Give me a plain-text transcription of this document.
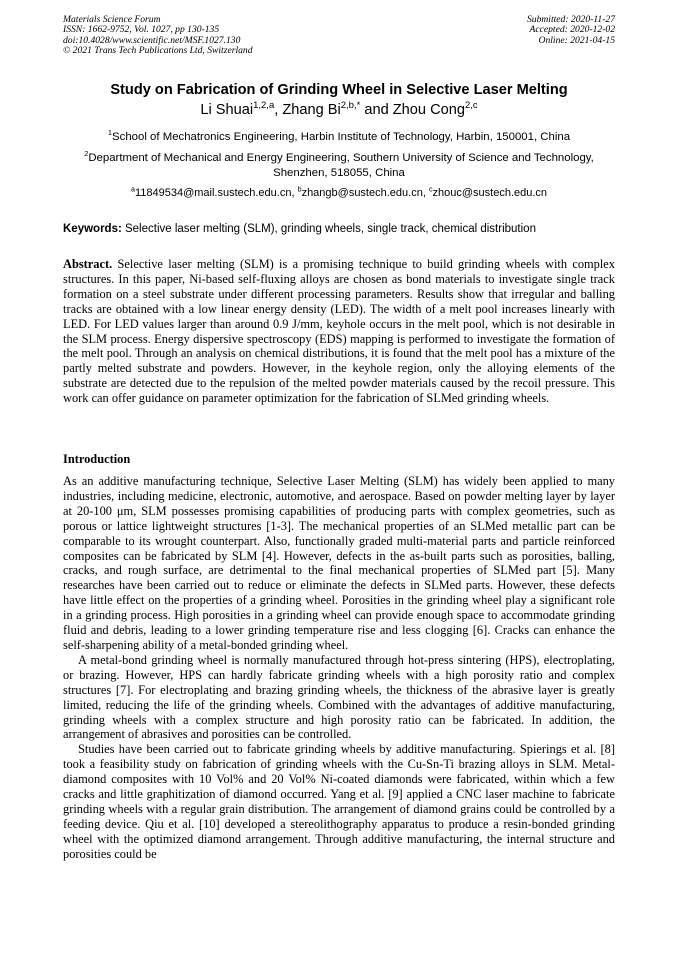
Materials Science Forum
ISSN: 1662-9752, Vol. 1027, pp 130-135
doi:10.4028/www.scientific.net/MSF.1027.130
© 2021 Trans Tech Publications Ltd, Switzerland
Submitted: 2020-11-27
Accepted: 2020-12-02
Online: 2021-04-15
Study on Fabrication of Grinding Wheel in Selective Laser Melting
Li Shuai$^{1,2,a}$, Zhang $Bi^{2,b,*}$ and Zhou Cong$^{2,c}$
$^1$School of Mechatronics Engineering, Harbin Institute of Technology, Harbin, 150001, China
$^2$Department of Mechanical and Energy Engineering, Southern University of Science and Technology, Shenzhen, 518055, China
$^a$11849534@mail.sustech.edu.cn, $^b$zhangb@sustech.edu.cn, $^c$zhouc@sustech.edu.cn
Keywords: Selective laser melting (SLM), grinding wheels, single track, chemical distribution

Abstract. Selective laser melting (SLM) is a promising technique to build grinding wheels with complex structures. In this paper, Ni-based self-fluxing alloys are chosen as bond materials to investigate single track formation on a steel substrate under different processing parameters. Results show that irregular and balling tracks are obtained with a low linear energy density (LED). The width of a melt pool increases linearly with LED. For LED values larger than around 0.9 J/mm, keyhole occurs in the melt pool, which is not desirable in the SLM process. Energy dispersive spectroscopy (EDS) mapping is performed to investigate the formation of the melt pool. Through an analysis on chemical distributions, it is found that the melt pool has a mixture of the partly melted substrate and powders. However, in the keyhole region, only the alloying elements of the substrate are detected due to the repulsion of the melted powder materials caused by the recoil pressure. This work can offer guidance on parameter optimization for the fabrication of SLMed grinding wheels.

Introduction

As an additive manufacturing technique, Selective Laser Melting (SLM) has widely been applied to many industries, including medicine, electronic, automotive, and aerospace. Based on powder melting layer by layer at 20-100 μm, SLM possesses promising capabilities of producing parts with complex geometries, such as porous or lattice lightweight structures [1-3]. The mechanical properties of an SLMed metallic part can be comparable to its wrought counterpart. Also, functionally graded multi-material parts and particle reinforced composites can be fabricated by SLM [4]. However, defects in the as-built parts such as porosities, balling, cracks, and rough surface, are detrimental to the final mechanical properties of SLMed part [5]. Many researches have been carried out to reduce or eliminate the defects in SLMed parts. However, these defects have little effect on the properties of a grinding wheel. Porosities in the grinding wheel play a significant role in a grinding process. High porosities in a grinding wheel can provide enough space to accommodate grinding fluid and debris, leading to a lower grinding temperature rise and less clogging [6]. Cracks can enhance the self-sharpening ability of a metal-bonded grinding wheel.

A metal-bond grinding wheel is normally manufactured through hot-press sintering (HPS), electroplating, or brazing. However, HPS can hardly fabricate grinding wheels with a high porosity ratio and complex structures [7]. For electroplating and brazing grinding wheels, the thickness of the abrasive layer is greatly limited, reducing the life of the grinding wheels. Combined with the advantages of additive manufacturing, grinding wheels with a complex structure and high porosity ratio can be fabricated. In addition, the arrangement of abrasives and porosities can be controlled.

Studies have been carried out to fabricate grinding wheels by additive manufacturing. Spierings et al. [8] took a feasibility study on fabrication of grinding wheels with the Cu-Sn-Ti brazing alloys in SLM. Metal-diamond composites with 10 Vol% and 20 Vol% Ni-coated diamonds were fabricated, within which a few cracks and little graphitization of diamond occurred. Yang et al. [9] applied a CNC laser machine to fabricate grinding wheels with a regular grain distribution. The arrangement of diamond grains could be controlled by a feeding device. Qiu et al. [10] developed a stereolithography apparatus to produce a resin-bonded grinding wheel with the optimized diamond arrangement. Through additive manufacturing, the internal structure and porosities could be
